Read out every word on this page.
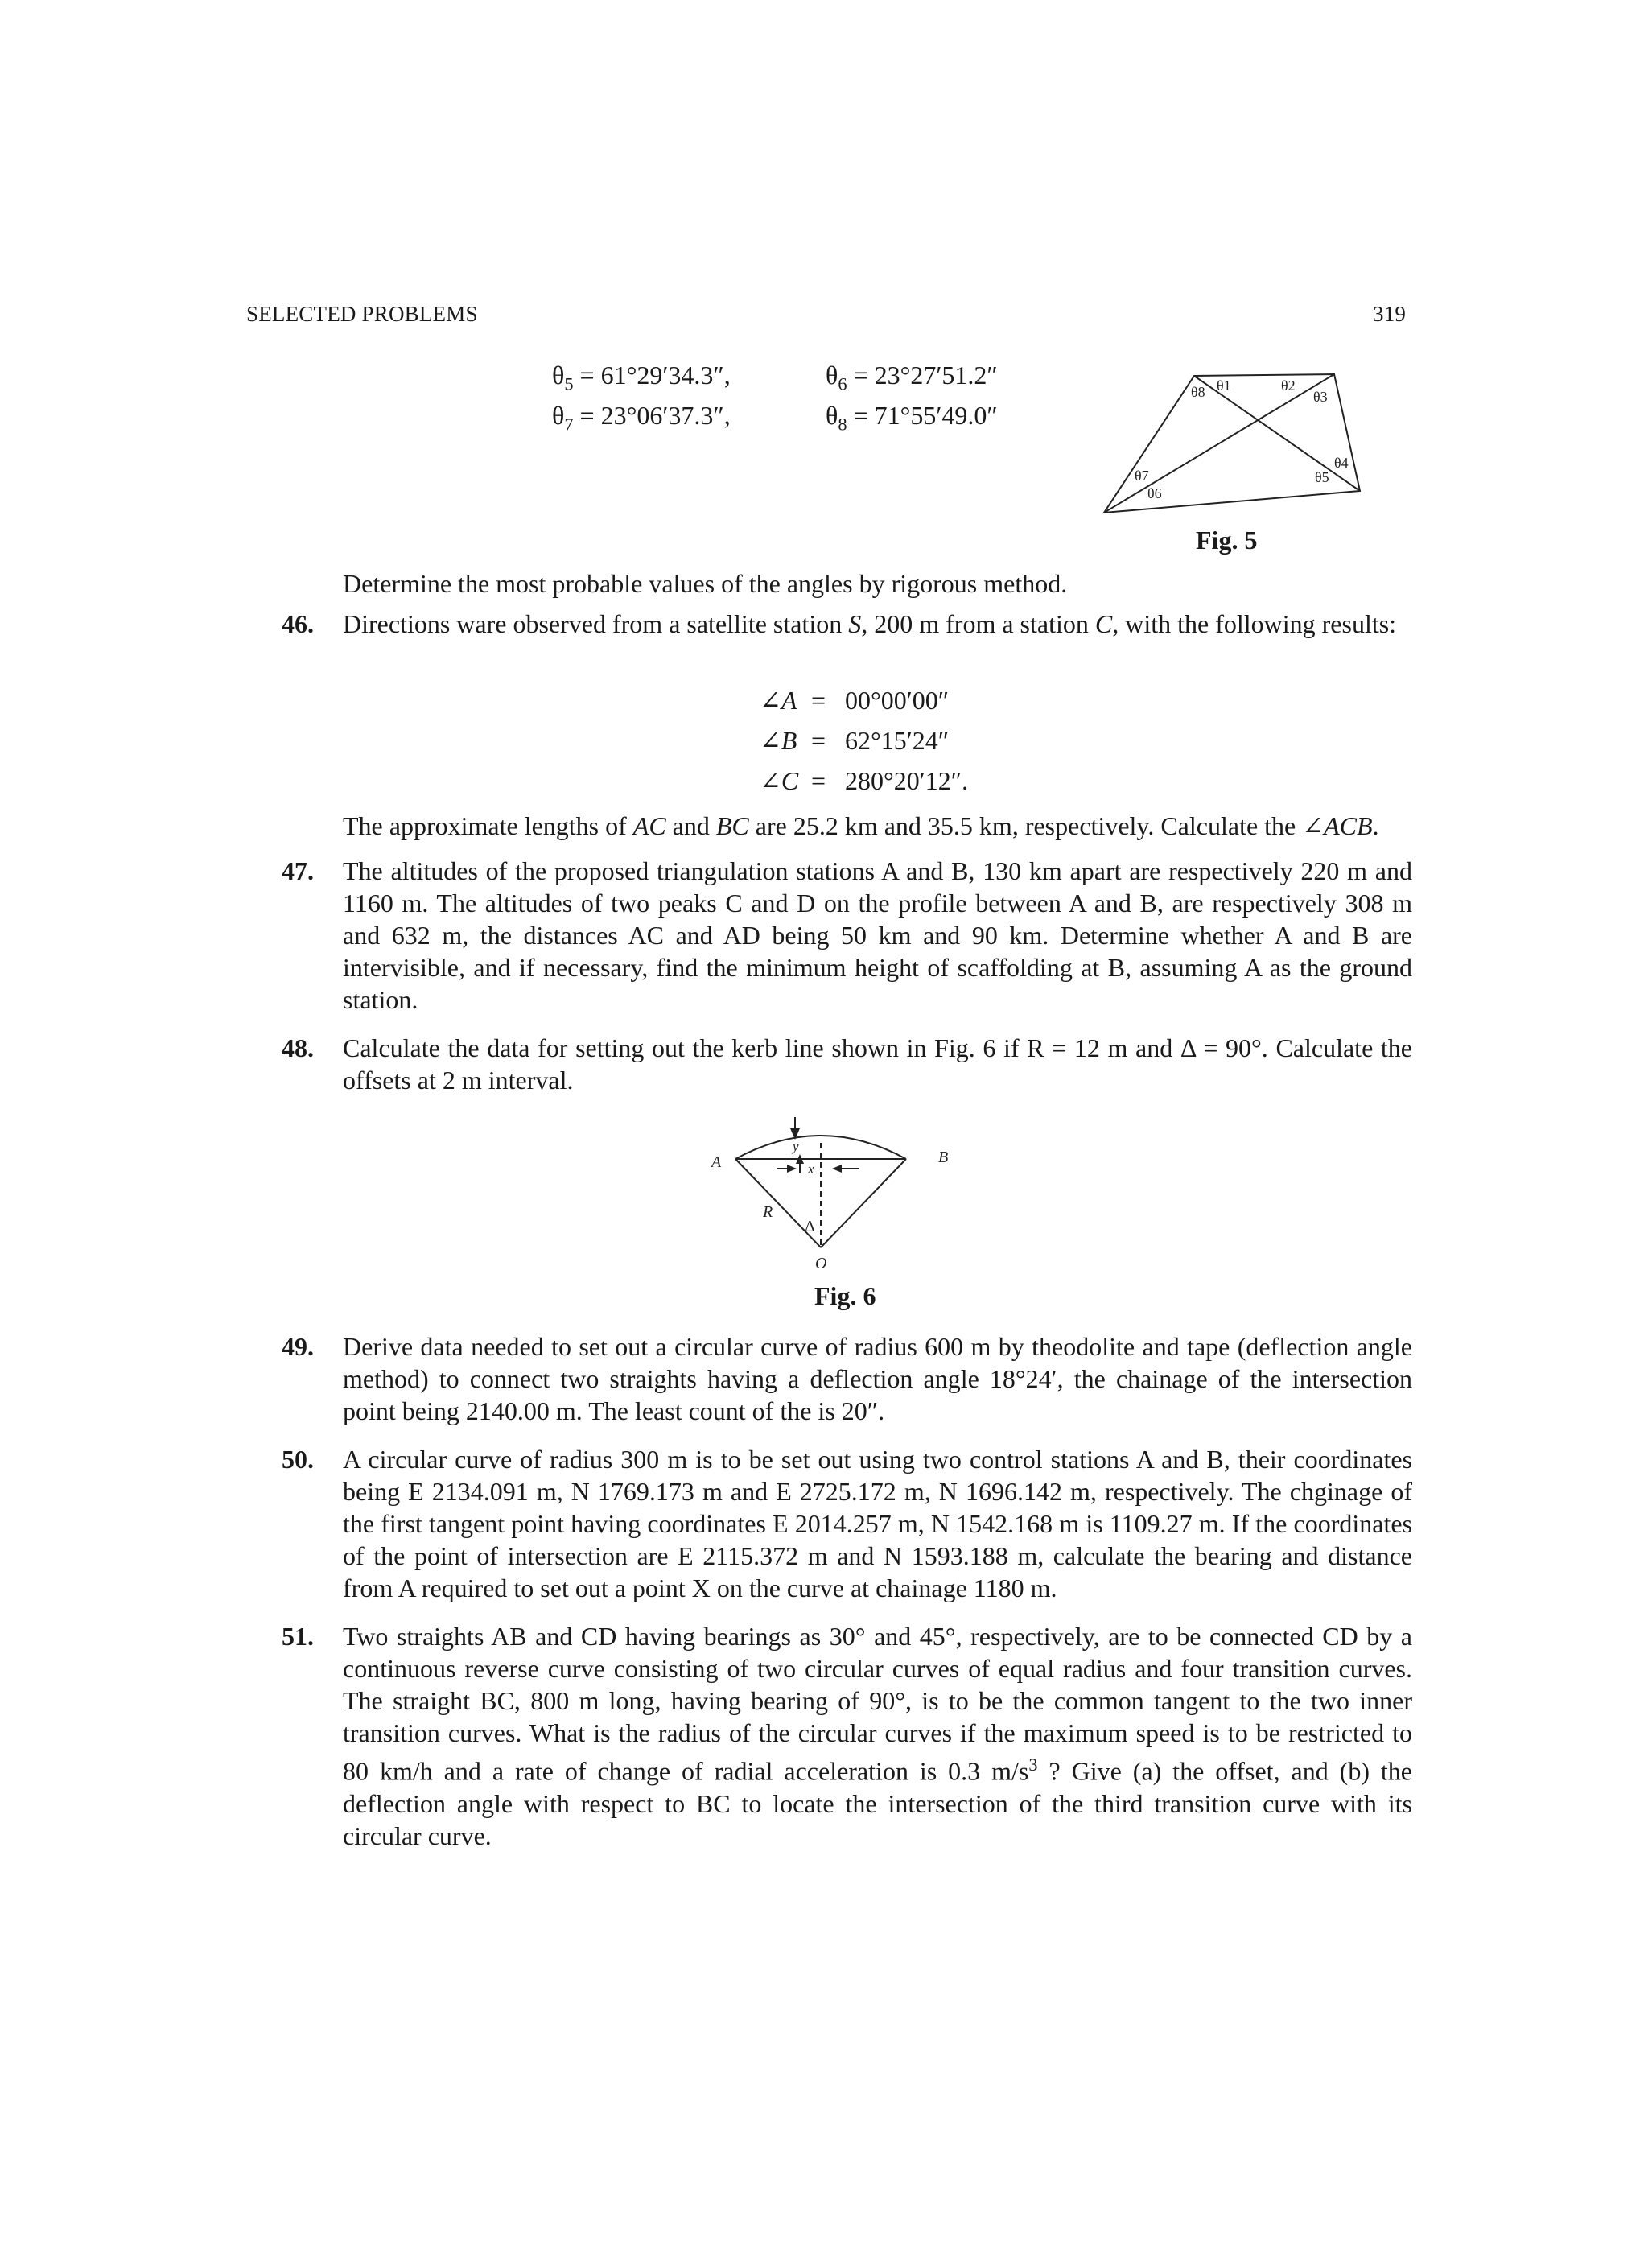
SELECTED PROBLEMS	319
$\theta_5 = 61^\circ 29'34.3''$,	$\theta_6 = 23^\circ 27'51.2''$
$\theta_7 = 23^\circ 06'37.3''$,	$\theta_8 = 71^\circ 55'49.0''$
θ8 θ1	θ2
θ3
θ4
θ5
θ7
θ6
Fig. 5
Determine the most probable values of the angles by rigorous method.
46. Directions ware observed from a satellite station S, 200 m from a station C, with the following results:
∠A = 00°00′00″
∠B = 62°15′24″
∠C = 280°20′12″.
The approximate lengths of AC and BC are 25.2 km and 35.5 km, respectively. Calculate the ∠ACB.
47. The altitudes of the proposed triangulation stations A and B, 130 km apart are respectively 220 m and 1160 m. The altitudes of two peaks C and D on the profile between A and B, are respectively 308 m and 632 m, the distances AC and AD being 50 km and 90 km. Determine whether A and B are intervisible, and if necessary, find the minimum height of scaffolding at B, assuming A as the ground station.
48. Calculate the data for setting out the kerb line shown in Fig. 6 if R = 12 m and Δ = 90°. Calculate the offsets at 2 m interval.
A	B
R
O
y
x
Δ
Fig. 6
49. Derive data needed to set out a circular curve of radius 600 m by theodolite and tape (deflection angle method) to connect two straights having a deflection angle 18°24′, the chainage of the intersection point being 2140.00 m. The least count of the is 20″.
50. A circular curve of radius 300 m is to be set out using two control stations A and B, their coordinates being E 2134.091 m, N 1769.173 m and E 2725.172 m, N 1696.142 m, respectively. The chginage of the first tangent point having coordinates E 2014.257 m, N 1542.168 m is 1109.27 m. If the coordinates of the point of intersection are E 2115.372 m and N 1593.188 m, calculate the bearing and distance from A required to set out a point X on the curve at chainage 1180 m.
51. Two straights AB and CD having bearings as 30° and 45°, respectively, are to be connected CD by a continuous reverse curve consisting of two circular curves of equal radius and four transition curves. The straight BC, 800 m long, having bearing of 90°, is to be the common tangent to the two inner transition curves. What is the radius of the circular curves if the maximum speed is to be restricted to 80 km/h and a rate of change of radial acceleration is 0.3 $m/s^3$ ? Give (a) the offset, and (b) the deflection angle with respect to BC to locate the intersection of the third transition curve with its circular curve.
